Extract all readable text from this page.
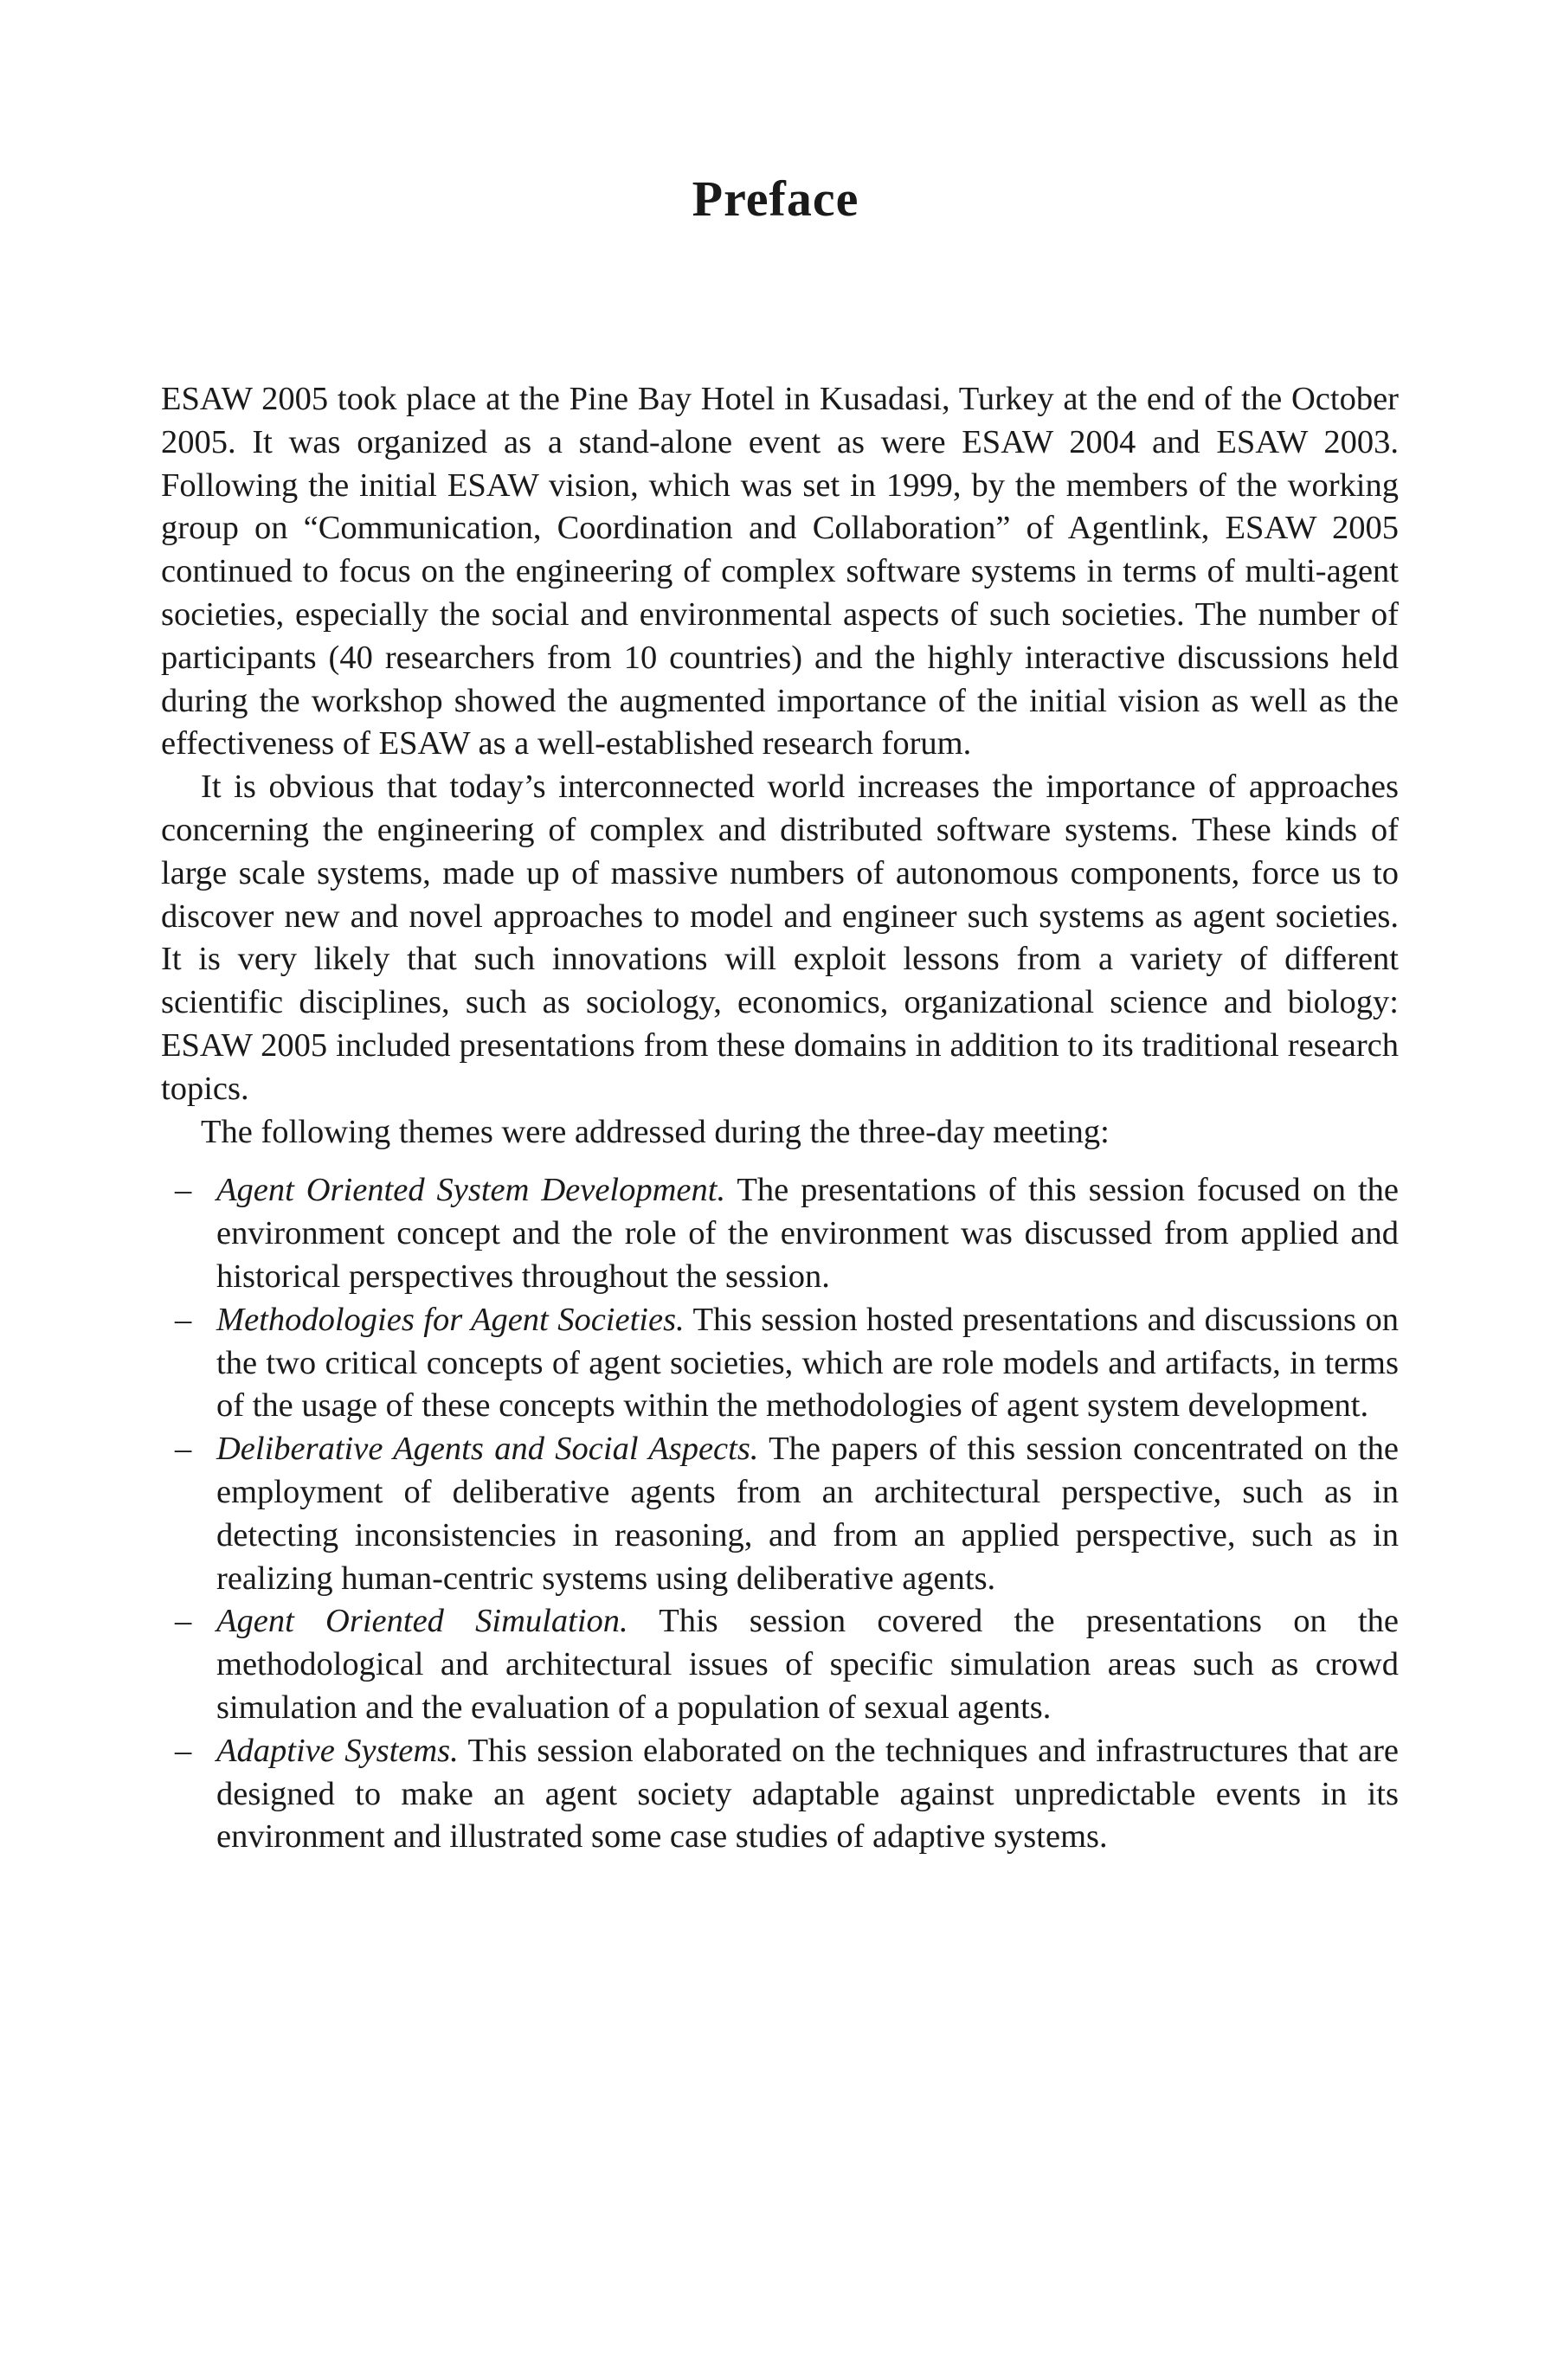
Preface

ESAW 2005 took place at the Pine Bay Hotel in Kusadasi, Turkey at the end of the October 2005. It was organized as a stand-alone event as were ESAW 2004 and ESAW 2003. Following the initial ESAW vision, which was set in 1999, by the members of the working group on “Communication, Coordination and Collaboration” of Agentlink, ESAW 2005 continued to focus on the engineering of complex software systems in terms of multi-agent societies, especially the social and environmental aspects of such societies. The number of participants (40 researchers from 10 countries) and the highly interactive discussions held during the workshop showed the augmented importance of the initial vision as well as the effectiveness of ESAW as a well-established research forum.

It is obvious that today’s interconnected world increases the importance of approaches concerning the engineering of complex and distributed software systems. These kinds of large scale systems, made up of massive numbers of autonomous components, force us to discover new and novel approaches to model and engineer such systems as agent societies. It is very likely that such innovations will exploit lessons from a variety of different scientific disciplines, such as sociology, economics, organizational science and biology: ESAW 2005 included presentations from these domains in addition to its traditional research topics.

The following themes were addressed during the three-day meeting:

– Agent Oriented System Development. The presentations of this session focused on the environment concept and the role of the environment was discussed from applied and historical perspectives throughout the session.
– Methodologies for Agent Societies. This session hosted presentations and discussions on the two critical concepts of agent societies, which are role models and artifacts, in terms of the usage of these concepts within the methodologies of agent system development.
– Deliberative Agents and Social Aspects. The papers of this session concentrated on the employment of deliberative agents from an architectural perspective, such as in detecting inconsistencies in reasoning, and from an applied perspective, such as in realizing human-centric systems using deliberative agents.
– Agent Oriented Simulation. This session covered the presentations on the methodological and architectural issues of specific simulation areas such as crowd simulation and the evaluation of a population of sexual agents.
– Adaptive Systems. This session elaborated on the techniques and infrastructures that are designed to make an agent society adaptable against unpredictable events in its environment and illustrated some case studies of adaptive systems.
